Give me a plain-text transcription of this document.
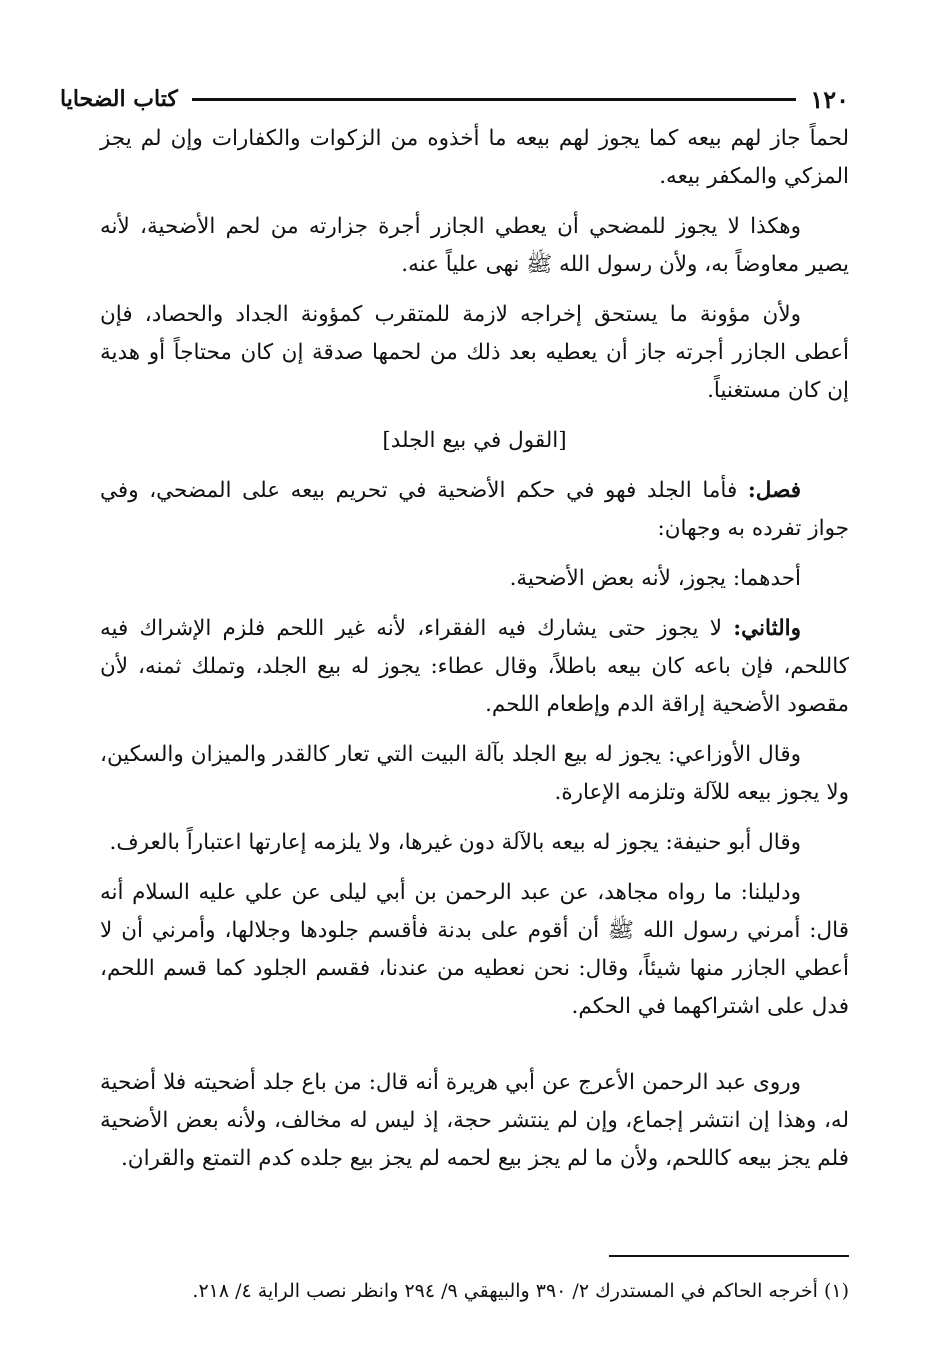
١٢٠
كتاب الضحايا

لحماً جاز لهم بيعه كما يجوز لهم بيعه ما أخذوه من الزكوات والكفارات وإن لم يجز المزكي والمكفر بيعه.

وهكذا لا يجوز للمضحي أن يعطي الجازر أجرة جزارته من لحم الأضحية، لأنه يصير معاوضاً به، ولأن رسول الله ﷺ نهى علياً عنه.

ولأن مؤونة ما يستحق إخراجه لازمة للمتقرب كمؤونة الجداد والحصاد، فإن أعطى الجازر أجرته جاز أن يعطيه بعد ذلك من لحمها صدقة إن كان محتاجاً أو هدية إن كان مستغنياً.

[القول في بيع الجلد]

فصل: فأما الجلد فهو في حكم الأضحية في تحريم بيعه على المضحي، وفي جواز تفرده به وجهان:

أحدهما: يجوز، لأنه بعض الأضحية.

والثاني: لا يجوز حتى يشارك فيه الفقراء، لأنه غير اللحم فلزم الإشراك فيه كاللحم، فإن باعه كان بيعه باطلاً، وقال عطاء: يجوز له بيع الجلد، وتملك ثمنه، لأن مقصود الأضحية إراقة الدم وإطعام اللحم.

وقال الأوزاعي: يجوز له بيع الجلد بآلة البيت التي تعار كالقدر والميزان والسكين، ولا يجوز بيعه للآلة وتلزمه الإعارة.

وقال أبو حنيفة: يجوز له بيعه بالآلة دون غيرها، ولا يلزمه إعارتها اعتباراً بالعرف.

ودليلنا: ما رواه مجاهد، عن عبد الرحمن بن أبي ليلى عن علي عليه السلام أنه قال: أمرني رسول الله ﷺ أن أقوم على بدنة فأقسم جلودها وجلالها، وأمرني أن لا أعطي الجازر منها شيئاً، وقال: نحن نعطيه من عندنا، فقسم الجلود كما قسم اللحم، فدل على اشتراكهما في الحكم.

وروى عبد الرحمن الأعرج عن أبي هريرة أنه قال: من باع جلد أضحيته فلا أضحية له، وهذا إن انتشر إجماع، وإن لم ينتشر حجة، إذ ليس له مخالف، ولأنه بعض الأضحية فلم يجز بيعه كاللحم، ولأن ما لم يجز بيع لحمه لم يجز بيع جلده كدم التمتع والقران.

(١) أخرجه الحاكم في المستدرك ٢/ ٣٩٠ والبيهقي ٩/ ٢٩٤ وانظر نصب الراية ٤/ ٢١٨.
